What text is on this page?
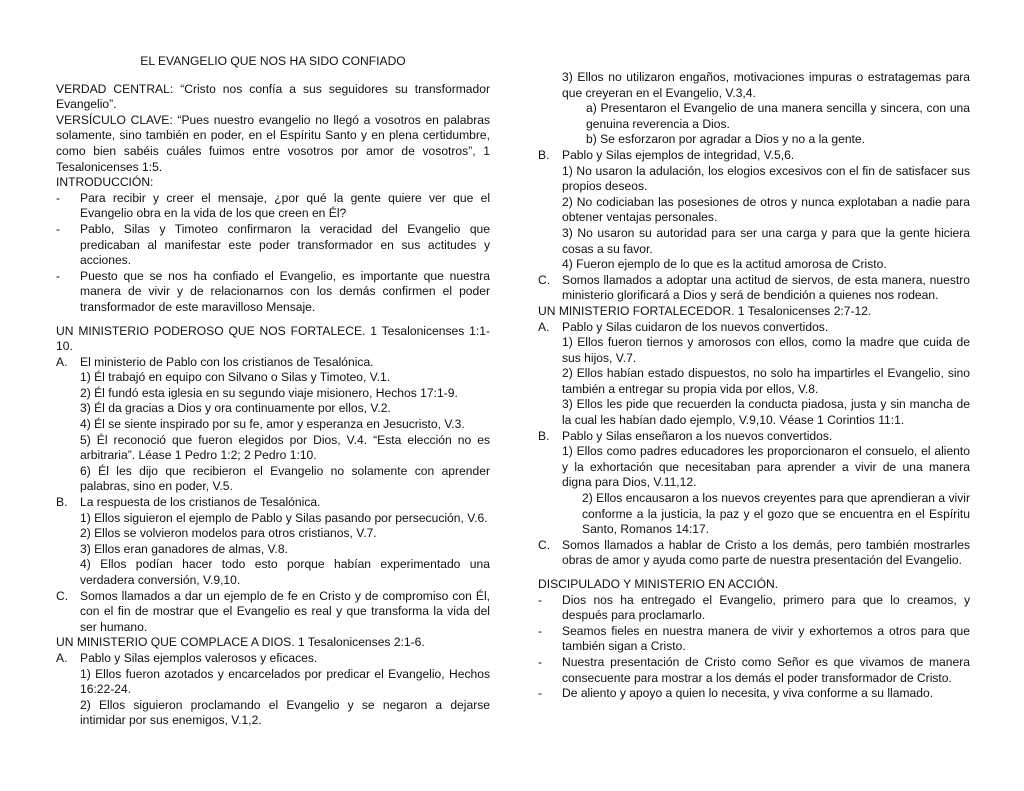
EL EVANGELIO QUE NOS HA SIDO CONFIADO
VERDAD CENTRAL: “Cristo nos confía a sus seguidores su transformador Evangelio”.
VERSÍCULO CLAVE: “Pues nuestro evangelio no llegó a vosotros en palabras solamente, sino también en poder, en el Espíritu Santo y en plena certidumbre, como bien sabéis cuáles fuimos entre vosotros por amor de vosotros”, 1 Tesalonicenses 1:5.
INTRODUCCIÓN:
- Para recibir y creer el mensaje, ¿por qué la gente quiere ver que el Evangelio obra en la vida de los que creen en Él?
- Pablo, Silas y Timoteo confirmaron la veracidad del Evangelio que predicaban al manifestar este poder transformador en sus actitudes y acciones.
- Puesto que se nos ha confiado el Evangelio, es importante que nuestra manera de vivir y de relacionarnos con los demás confirmen el poder transformador de este maravilloso Mensaje.
UN MINISTERIO PODEROSO QUE NOS FORTALECE. 1 Tesalonicenses 1:1-10.
A. El ministerio de Pablo con los cristianos de Tesalónica.
1) Él trabajó en equipo con Silvano o Silas y Timoteo, V.1.
2) Él fundó esta iglesia en su segundo viaje misionero, Hechos 17:1-9.
3) Él da gracias a Dios y ora continuamente por ellos, V.2.
4) Él se siente inspirado por su fe, amor y esperanza en Jesucristo, V.3.
5) Él reconoció que fueron elegidos por Dios, V.4. “Esta elección no es arbitraria”. Léase 1 Pedro 1:2; 2 Pedro 1:10.
6) Él les dijo que recibieron el Evangelio no solamente con aprender palabras, sino en poder, V.5.
B. La respuesta de los cristianos de Tesalónica.
1) Ellos siguieron el ejemplo de Pablo y Silas pasando por persecución, V.6.
2) Ellos se volvieron modelos para otros cristianos, V.7.
3) Ellos eran ganadores de almas, V.8.
4) Ellos podían hacer todo esto porque habían experimentado una verdadera conversión, V.9,10.
C. Somos llamados a dar un ejemplo de fe en Cristo y de compromiso con Él, con el fin de mostrar que el Evangelio es real y que transforma la vida del ser humano.
UN MINISTERIO QUE COMPLACE A DIOS. 1 Tesalonicenses 2:1-6.
A. Pablo y Silas ejemplos valerosos y eficaces.
1) Ellos fueron azotados y encarcelados por predicar el Evangelio, Hechos 16:22-24.
2) Ellos siguieron proclamando el Evangelio y se negaron a dejarse intimidar por sus enemigos, V.1,2.
3) Ellos no utilizaron engaños, motivaciones impuras o estratagemas para que creyeran en el Evangelio, V.3,4.
a) Presentaron el Evangelio de una manera sencilla y sincera, con una genuina reverencia a Dios.
b) Se esforzaron por agradar a Dios y no a la gente.
B. Pablo y Silas ejemplos de integridad, V.5,6.
1) No usaron la adulación, los elogios excesivos con el fin de satisfacer sus propios deseos.
2) No codiciaban las posesiones de otros y nunca explotaban a nadie para obtener ventajas personales.
3) No usaron su autoridad para ser una carga y para que la gente hiciera cosas a su favor.
4) Fueron ejemplo de lo que es la actitud amorosa de Cristo.
C. Somos llamados a adoptar una actitud de siervos, de esta manera, nuestro ministerio glorificará a Dios y será de bendición a quienes nos rodean.
UN MINISTERIO FORTALECEDOR. 1 Tesalonicenses 2:7-12.
A. Pablo y Silas cuidaron de los nuevos convertidos.
1) Ellos fueron tiernos y amorosos con ellos, como la madre que cuida de sus hijos, V.7.
2) Ellos habían estado dispuestos, no solo ha impartirles el Evangelio, sino también a entregar su propia vida por ellos, V.8.
3) Ellos les pide que recuerden la conducta piadosa, justa y sin mancha de la cual les habían dado ejemplo, V.9,10. Véase 1 Corintios 11:1.
B. Pablo y Silas enseñaron a los nuevos convertidos.
1) Ellos como padres educadores les proporcionaron el consuelo, el aliento y la exhortación que necesitaban para aprender a vivir de una manera digna para Dios, V.11,12.
2) Ellos encausaron a los nuevos creyentes para que aprendieran a vivir conforme a la justicia, la paz y el gozo que se encuentra en el Espíritu Santo, Romanos 14:17.
C. Somos llamados a hablar de Cristo a los demás, pero también mostrarles obras de amor y ayuda como parte de nuestra presentación del Evangelio.
DISCIPULADO Y MINISTERIO EN ACCIÓN.
- Dios nos ha entregado el Evangelio, primero para que lo creamos, y después para proclamarlo.
- Seamos fieles en nuestra manera de vivir y exhortemos a otros para que también sigan a Cristo.
- Nuestra presentación de Cristo como Señor es que vivamos de manera consecuente para mostrar a los demás el poder transformador de Cristo.
- De aliento y apoyo a quien lo necesita, y viva conforme a su llamado.
